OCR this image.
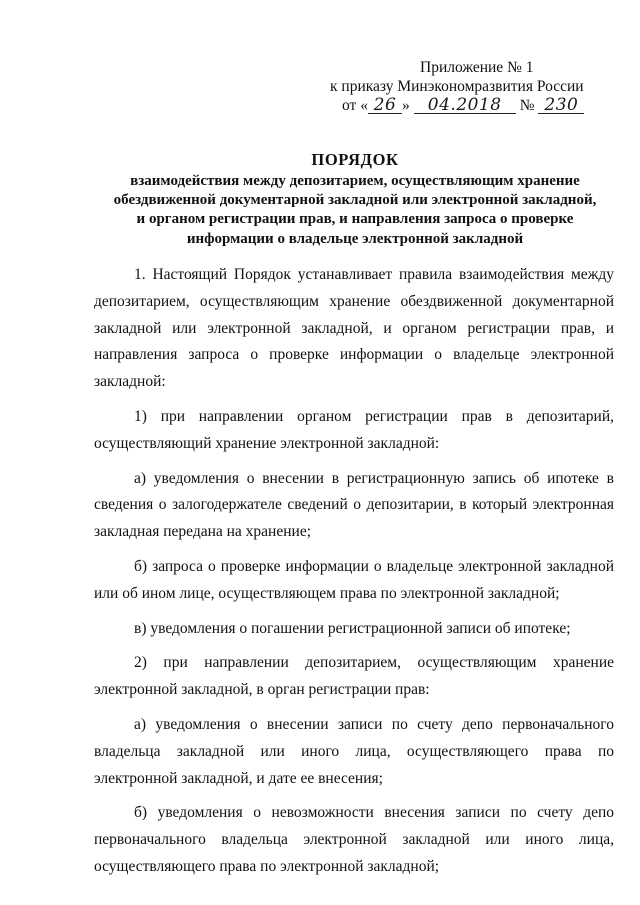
Приложение № 1
к приказу Минэкономразвития России
от « 26 » 04.2018 № 230
ПОРЯДОК
взаимодействия между депозитарием, осуществляющим хранение
обездвиженной документарной закладной или электронной закладной,
и органом регистрации прав, и направления запроса о проверке
информации о владельце электронной закладной

1. Настоящий Порядок устанавливает правила взаимодействия между депозитарием, осуществляющим хранение обездвиженной документарной закладной или электронной закладной, и органом регистрации прав, и направления запроса о проверке информации о владельце электронной закладной:

1) при направлении органом регистрации прав в депозитарий, осуществляющий хранение электронной закладной:

а) уведомления о внесении в регистрационную запись об ипотеке в сведения о залогодержателе сведений о депозитарии, в который электронная закладная передана на хранение;

б) запроса о проверке информации о владельце электронной закладной или об ином лице, осуществляющем права по электронной закладной;

в) уведомления о погашении регистрационной записи об ипотеке;

2) при направлении депозитарием, осуществляющим хранение электронной закладной, в орган регистрации прав:

а) уведомления о внесении записи по счету депо первоначального владельца закладной или иного лица, осуществляющего права по электронной закладной, и дате ее внесения;

б) уведомления о невозможности внесения записи по счету депо первоначального владельца электронной закладной или иного лица, осуществляющего права по электронной закладной;
